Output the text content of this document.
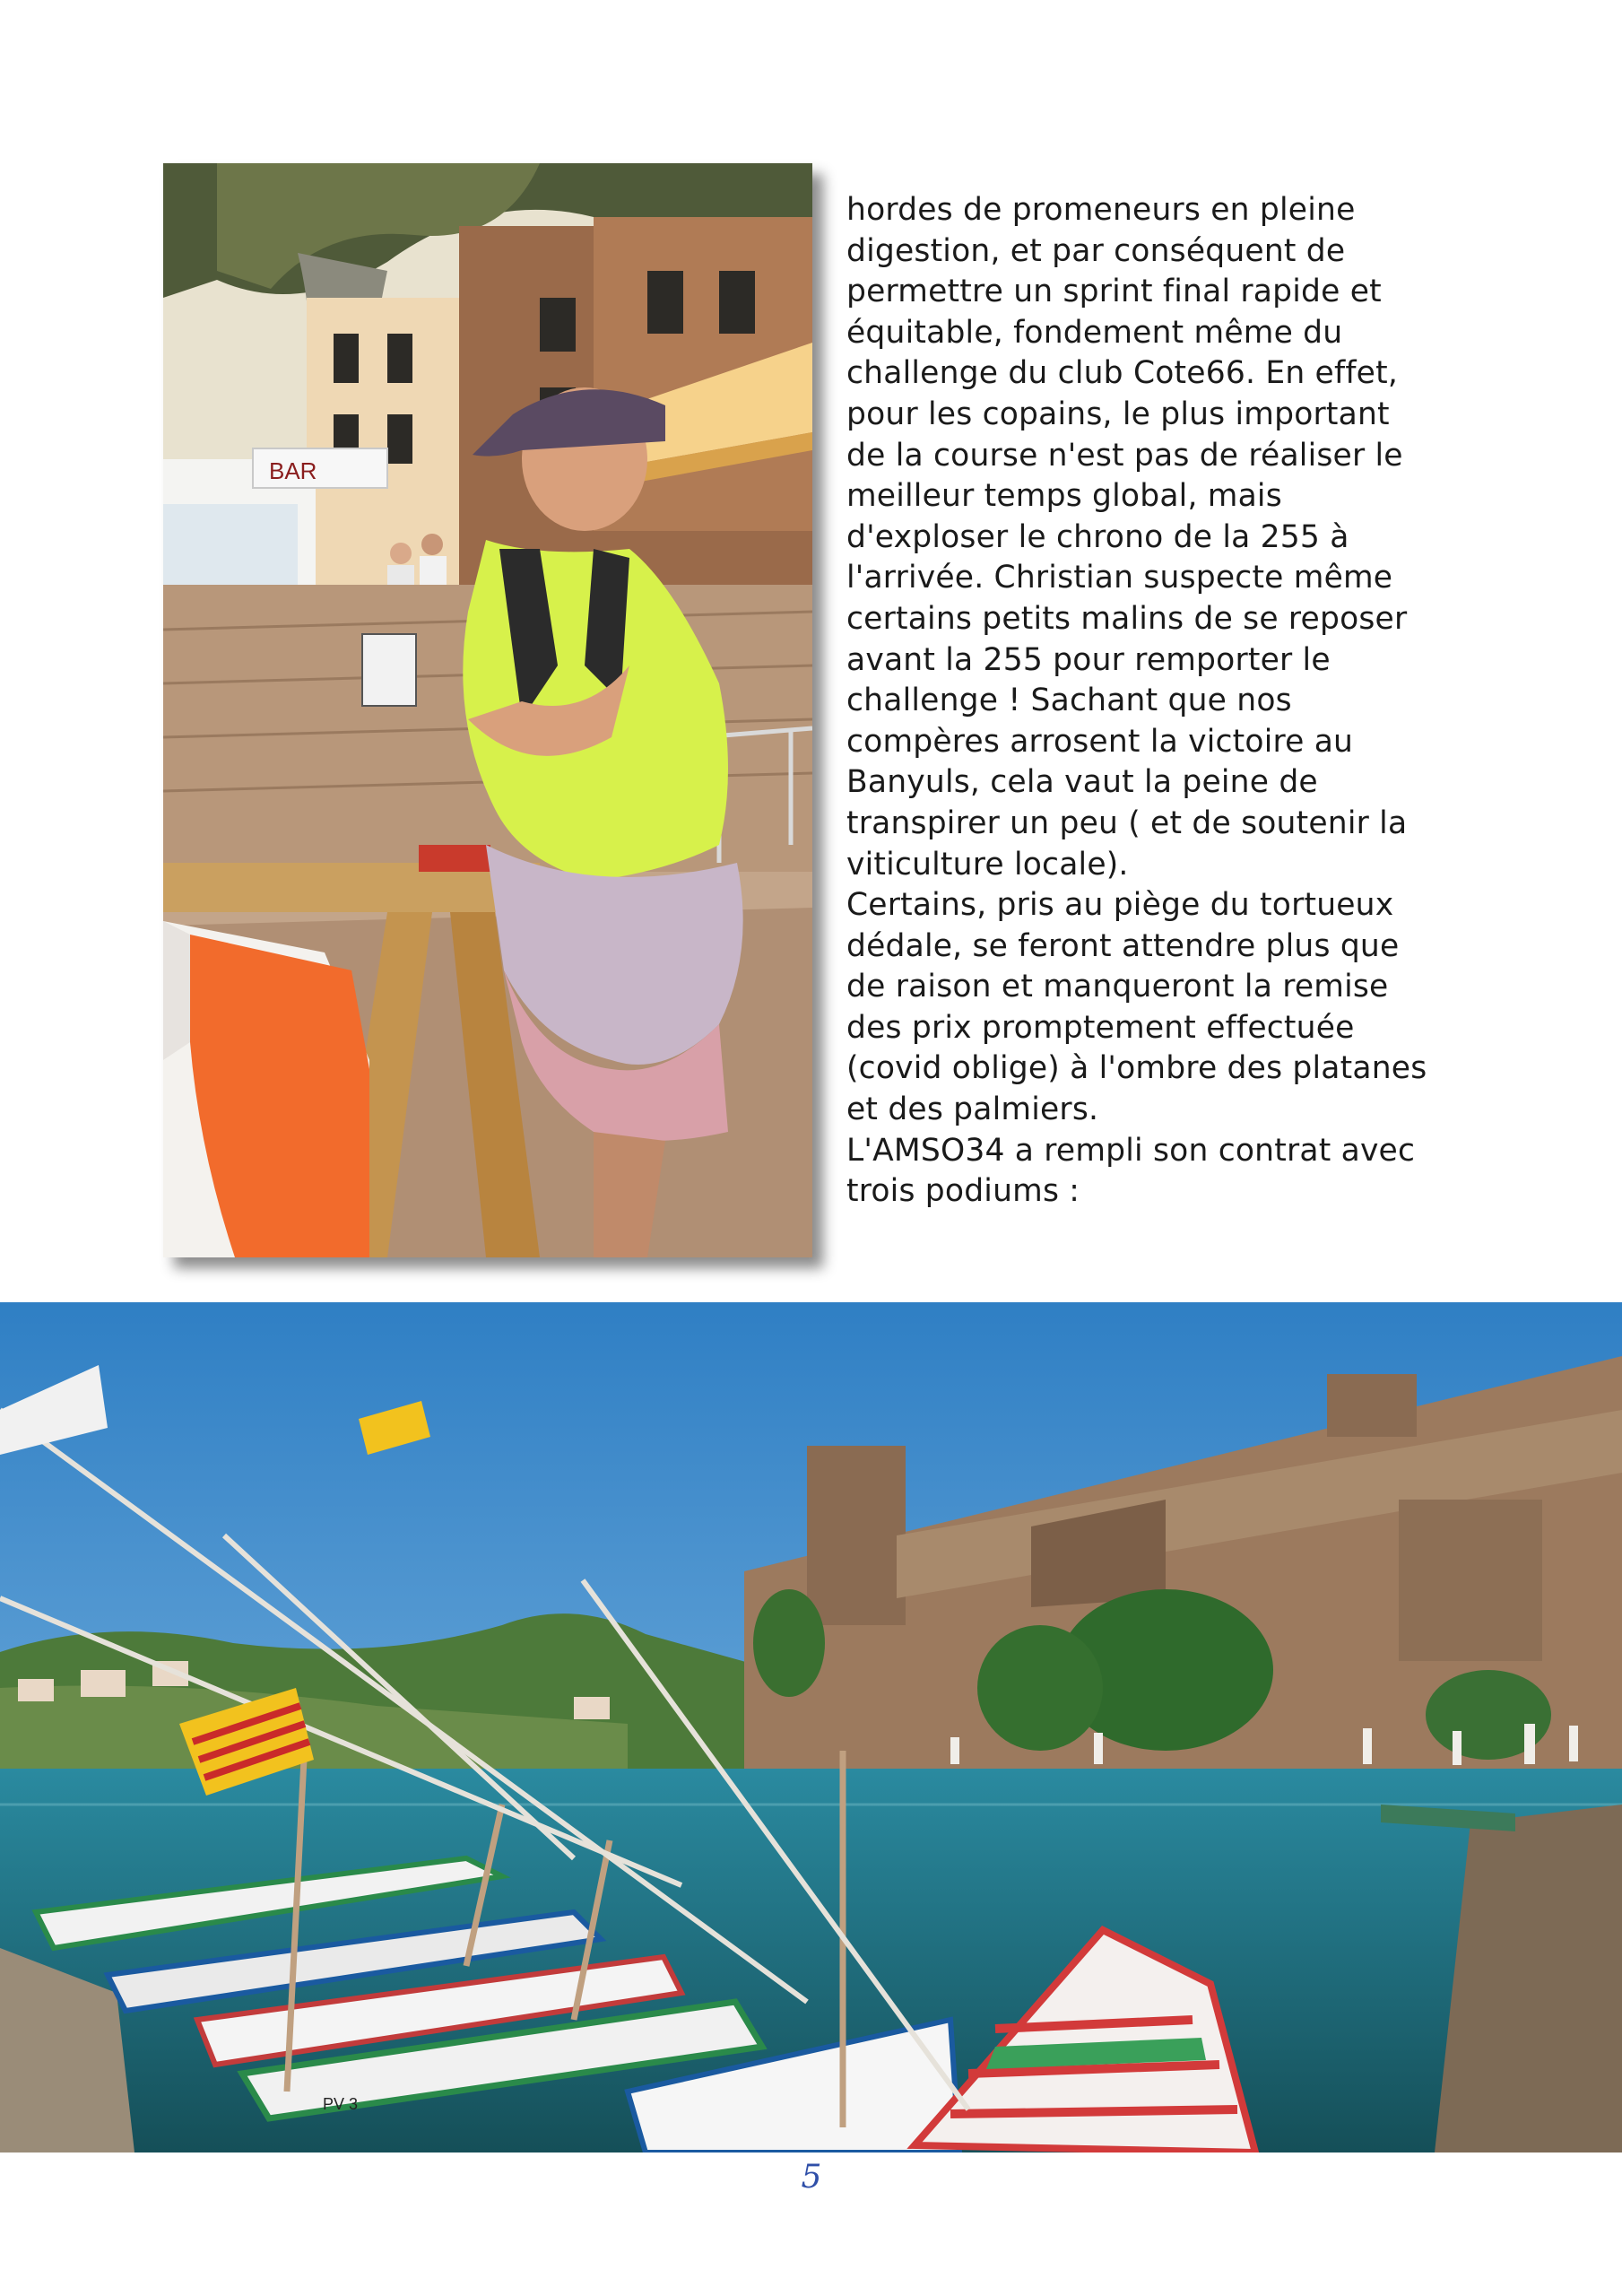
BAR
hordes de promeneurs en pleine
digestion, et par conséquent de
permettre un sprint final rapide et
équitable, fondement même du
challenge du club Cote66. En effet,
pour les copains, le plus important
de la course n'est pas de réaliser le
meilleur temps global, mais
d'exploser le chrono de la 255 à
l'arrivée. Christian suspecte même
certains petits malins de se reposer
avant la 255 pour remporter le
challenge ! Sachant que nos
compères arrosent la victoire au
Banyuls, cela vaut la peine de
transpirer un peu ( et de soutenir la
viticulture locale).
Certains, pris au piège du tortueux
dédale, se feront attendre plus que
de raison et manqueront la remise
des prix promptement effectuée
(covid oblige) à l'ombre des platanes
et des palmiers.
L'AMSO34 a rempli son contrat avec
trois podiums :
PV 3
5
